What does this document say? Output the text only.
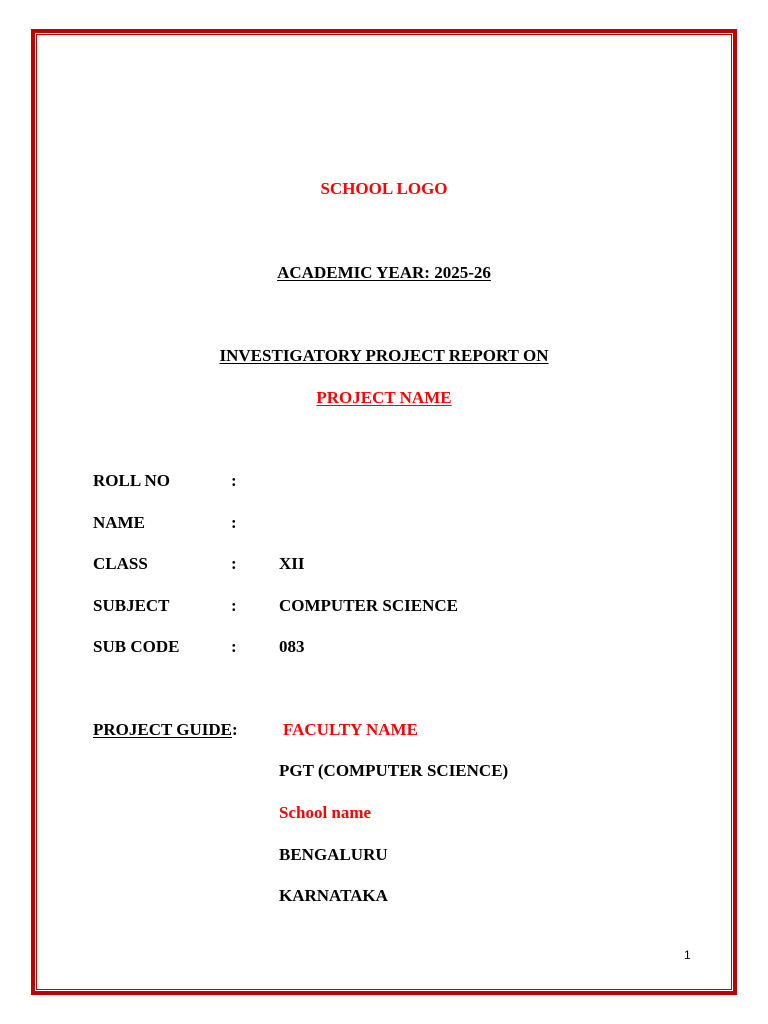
SCHOOL LOGO
ACADEMIC YEAR: 2025-26
INVESTIGATORY PROJECT REPORT ON
PROJECT NAME
ROLL NO	:
NAME	:
CLASS	: XII
SUBJECT	: COMPUTER SCIENCE
SUB CODE	: 083
PROJECT GUIDE:	FACULTY NAME
PGT (COMPUTER SCIENCE)
School name
BENGALURU
KARNATAKA
1
